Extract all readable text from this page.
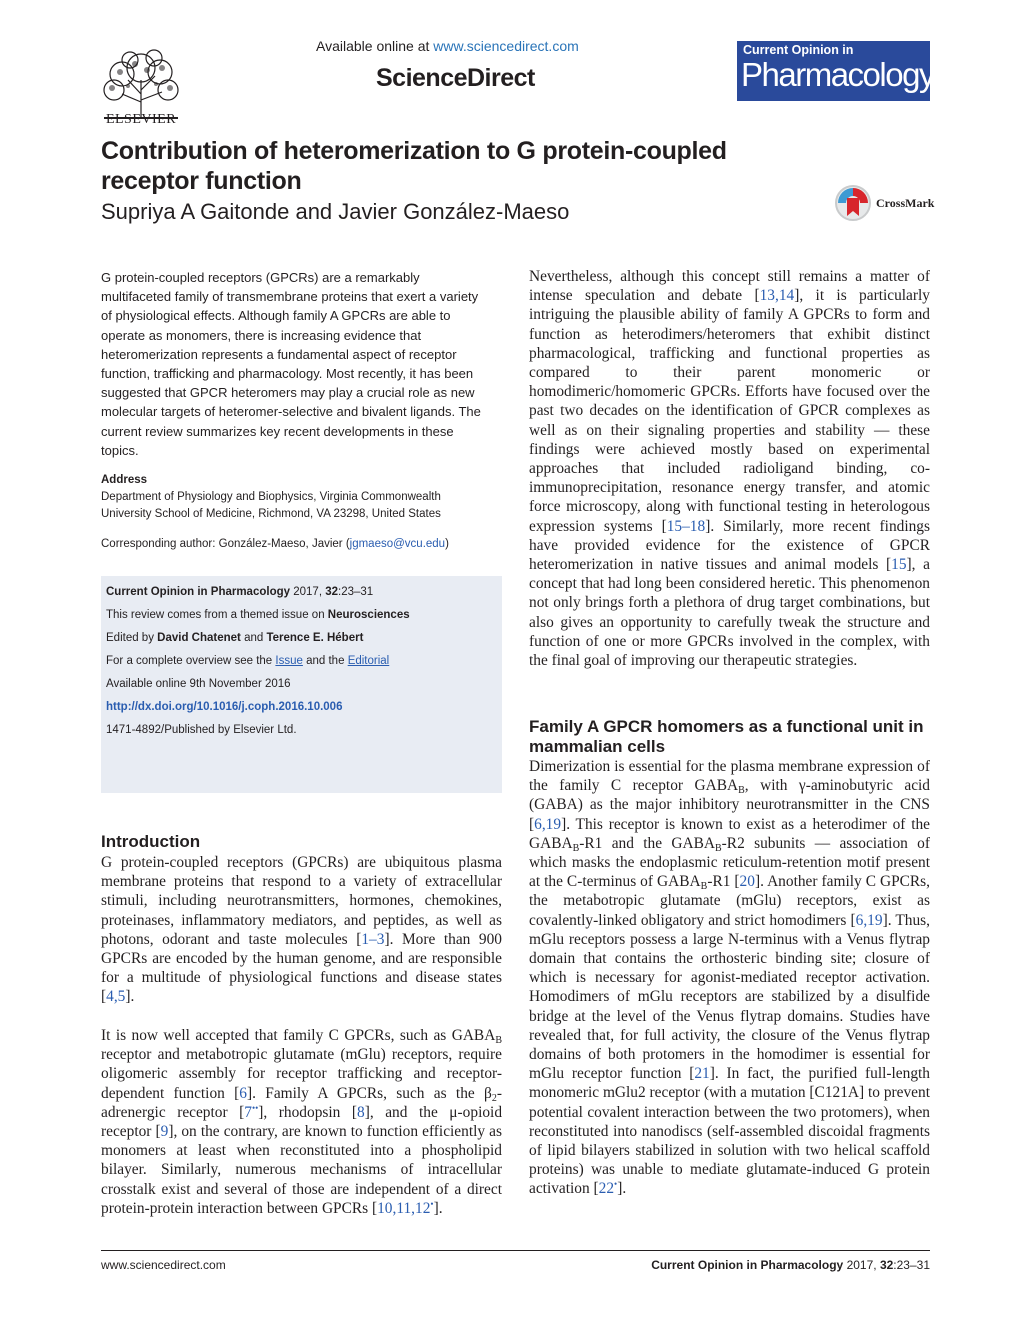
ELSEVIER
Available online at www.sciencedirect.com
ScienceDirect
Current Opinion in
Pharmacology
Contribution of heteromerization to G protein-coupled receptor function
Supriya A Gaitonde and Javier González-Maeso	CrossMark
G protein-coupled receptors (GPCRs) are a remarkably multifaceted family of transmembrane proteins that exert a variety of physiological effects. Although family A GPCRs are able to operate as monomers, there is increasing evidence that heteromerization represents a fundamental aspect of receptor function, trafficking and pharmacology. Most recently, it has been suggested that GPCR heteromers may play a crucial role as new molecular targets of heteromer-selective and bivalent ligands. The current review summarizes key recent developments in these topics.
Address
Department of Physiology and Biophysics, Virginia Commonwealth
University School of Medicine, Richmond, VA 23298, United States
Corresponding author: González-Maeso, Javier (jgmaeso@vcu.edu)
Current Opinion in Pharmacology 2017, 32:23–31
This review comes from a themed issue on Neurosciences
Edited by David Chatenet and Terence E. Hébert
For a complete overview see the Issue and the Editorial
Available online 9th November 2016
http://dx.doi.org/10.1016/j.coph.2016.10.006
1471-4892/Published by Elsevier Ltd.
Introduction
G protein-coupled receptors (GPCRs) are ubiquitous plasma membrane proteins that respond to a variety of extracellular stimuli, including neurotransmitters, hormones, chemokines, proteinases, inflammatory mediators, and peptides, as well as photons, odorant and taste molecules [1–3]. More than 900 GPCRs are encoded by the human genome, and are responsible for a multitude of physiological functions and disease states [4,5].
It is now well accepted that family C GPCRs, such as $GABA_B$ receptor and metabotropic glutamate (mGlu) receptors, require oligomeric assembly for receptor trafficking and receptor-dependent function [6]. Family A GPCRs, such as the $\beta_2$-adrenergic receptor [7••], rhodopsin [8], and the μ-opioid receptor [9], on the contrary, are known to function efficiently as monomers at least when reconstituted into a phospholipid bilayer. Similarly, numerous mechanisms of intracellular crosstalk exist and several of those are independent of a direct protein-protein interaction between GPCRs [10,11,12•].
Nevertheless, although this concept still remains a matter of intense speculation and debate [13,14], it is particularly intriguing the plausible ability of family A GPCRs to form and function as heterodimers/heteromers that exhibit distinct pharmacological, trafficking and functional properties as compared to their parent monomeric or homodimeric/homomeric GPCRs. Efforts have focused over the past two decades on the identification of GPCR complexes as well as on their signaling properties and stability — these findings were achieved mostly based on experimental approaches that included radioligand binding, co-immunoprecipitation, resonance energy transfer, and atomic force microscopy, along with functional testing in heterologous expression systems [15–18]. Similarly, more recent findings have provided evidence for the existence of GPCR heteromerization in native tissues and animal models [15], a concept that had long been considered heretic. This phenomenon not only brings forth a plethora of drug target combinations, but also gives an opportunity to carefully tweak the structure and function of one or more GPCRs involved in the complex, with the final goal of improving our therapeutic strategies.
Family A GPCR homomers as a functional unit in mammalian cells
Dimerization is essential for the plasma membrane expression of the family C receptor $GABA_B$, with γ-aminobutyric acid (GABA) as the major inhibitory neurotransmitter in the CNS [6,19]. This receptor is known to exist as a heterodimer of the $GABA_B-R1$ and the $GABA_B-R2$ subunits — association of which masks the endoplasmic reticulum-retention motif present at the C-terminus of $GABA_B-R1$ [20]. Another family C GPCRs, the metabotropic glutamate (mGlu) receptors, exist as covalently-linked obligatory and strict homodimers [6,19]. Thus, mGlu receptors possess a large N-terminus with a Venus flytrap domain that contains the orthosteric binding site; closure of which is necessary for agonist-mediated receptor activation. Homodimers of mGlu receptors are stabilized by a disulfide bridge at the level of the Venus flytrap domains. Studies have revealed that, for full activity, the closure of the Venus flytrap domains of both protomers in the homodimer is essential for mGlu receptor function [21]. In fact, the purified full-length monomeric mGlu2 receptor (with a mutation [C121A] to prevent potential covalent interaction between the two protomers), when reconstituted into nanodiscs (self-assembled discoidal fragments of lipid bilayers stabilized in solution with two helical scaffold proteins) was unable to mediate glutamate-induced G protein activation [22•].
www.sciencedirect.com	Current Opinion in Pharmacology 2017, 32:23–31
